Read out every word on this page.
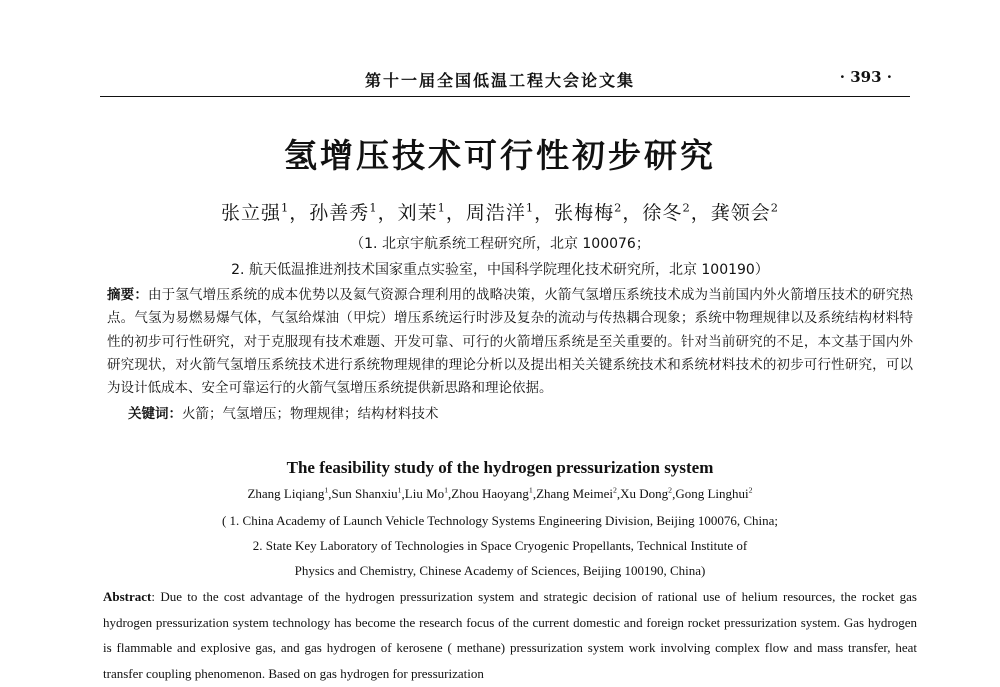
第十一届全国低温工程大会论文集	· 393 ·
氢增压技术可行性初步研究
张立强$^1$，孙善秀$^1$，刘茉$^1$，周浩洋$^1$，张梅梅$^2$，徐冬$^2$，龚领会$^2$
（1. 北京宇航系统工程研究所，北京 100076；
2. 航天低温推进剂技术国家重点实验室，中国科学院理化技术研究所，北京 100190）
摘要：由于氢气增压系统的成本优势以及氦气资源合理利用的战略决策，火箭气氢增压系统技术成为当前国内外火箭增压技术的研究热点。气氢为易燃易爆气体，气氢给煤油（甲烷）增压系统运行时涉及复杂的流动与传热耦合现象；系统中物理规律以及系统结构材料特性的初步可行性研究，对于克服现有技术难题、开发可靠、可行的火箭增压系统是至关重要的。针对当前研究的不足，本文基于国内外研究现状，对火箭气氢增压系统技术进行系统物理规律的理论分析以及提出相关关键系统技术和系统材料技术的初步可行性研究，可以为设计低成本、安全可靠运行的火箭气氢增压系统提供新思路和理论依据。
关键词：火箭；气氢增压；物理规律；结构材料技术
The feasibility study of the hydrogen pressurization system
Zhang Liqiang$^1$,Sun Shanxiu$^1$,Liu Mo$^1$,Zhou Haoyang$^1$,Zhang Meimei$^2$,Xu Dong$^2$,Gong Linghui$^2$
( 1. China Academy of Launch Vehicle Technology Systems Engineering Division, Beijing 100076, China;
2. State Key Laboratory of Technologies in Space Cryogenic Propellants, Technical Institute of
Physics and Chemistry, Chinese Academy of Sciences, Beijing 100190, China)
Abstract: Due to the cost advantage of the hydrogen pressurization system and strategic decision of rational use of helium resources, the rocket gas hydrogen pressurization system technology has become the research focus of the current domestic and foreign rocket pressurization system. Gas hydrogen is flammable and explosive gas, and gas hydrogen of kerosene ( methane) pressurization system work involving complex flow and mass transfer, heat transfer coupling phenomenon. Based on gas hydrogen for pressurization
